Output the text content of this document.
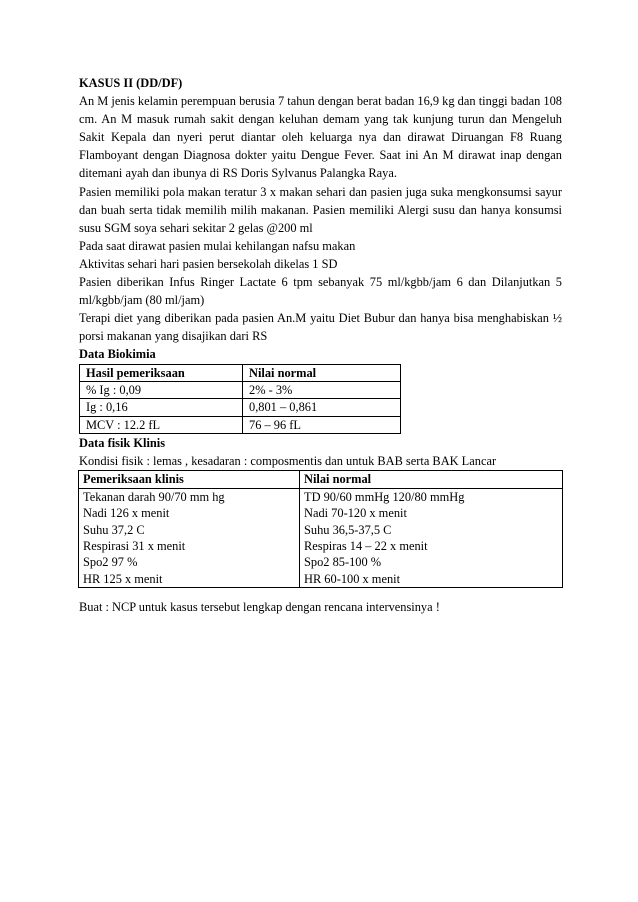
KASUS II (DD/DF)

An M jenis kelamin perempuan berusia 7 tahun dengan berat badan 16,9 kg dan tinggi badan 108 cm. An M masuk rumah sakit dengan keluhan demam yang tak kunjung turun dan Mengeluh Sakit Kepala dan nyeri perut diantar oleh keluarga nya dan dirawat Diruangan F8 Ruang Flamboyant dengan Diagnosa dokter yaitu Dengue Fever. Saat ini An M dirawat inap dengan ditemani ayah dan ibunya di RS Doris Sylvanus Palangka Raya.

Pasien memiliki pola makan teratur 3 x makan sehari dan pasien juga suka mengkonsumsi sayur dan buah serta tidak memilih milih makanan. Pasien memiliki Alergi susu dan hanya konsumsi susu SGM soya sehari sekitar 2 gelas @200 ml

Pada saat dirawat pasien mulai kehilangan nafsu makan

Aktivitas sehari hari pasien bersekolah dikelas 1 SD

Pasien diberikan Infus Ringer Lactate 6 tpm sebanyak 75 ml/kgbb/jam 6 dan Dilanjutkan 5 ml/kgbb/jam (80 ml/jam)

Terapi diet yang diberikan pada pasien An.M yaitu Diet Bubur dan hanya bisa menghabiskan ½ porsi makanan yang disajikan dari RS

Data Biokimia
Hasil pemeriksaan	Nilai normal
% Ig : 0,09	2% - 3%
Ig : 0,16	0,801 – 0,861
MCV : 12.2 fL	76 – 96 fL
Data fisik Klinis
Kondisi fisik : lemas , kesadaran : composmentis dan untuk BAB serta BAK Lancar
Pemeriksaan klinis	Nilai normal
Tekanan darah 90/70 mm hg	TD 90/60 mmHg 120/80 mmHg
Nadi 126 x menit	Nadi 70-120 x menit
Suhu 37,2 C	Suhu 36,5-37,5 C
Respirasi 31 x menit	Respiras 14 – 22 x menit
Spo2 97 %	Spo2 85-100 %
HR 125 x menit	HR 60-100 x menit
Buat : NCP untuk kasus tersebut lengkap dengan rencana intervensinya !
